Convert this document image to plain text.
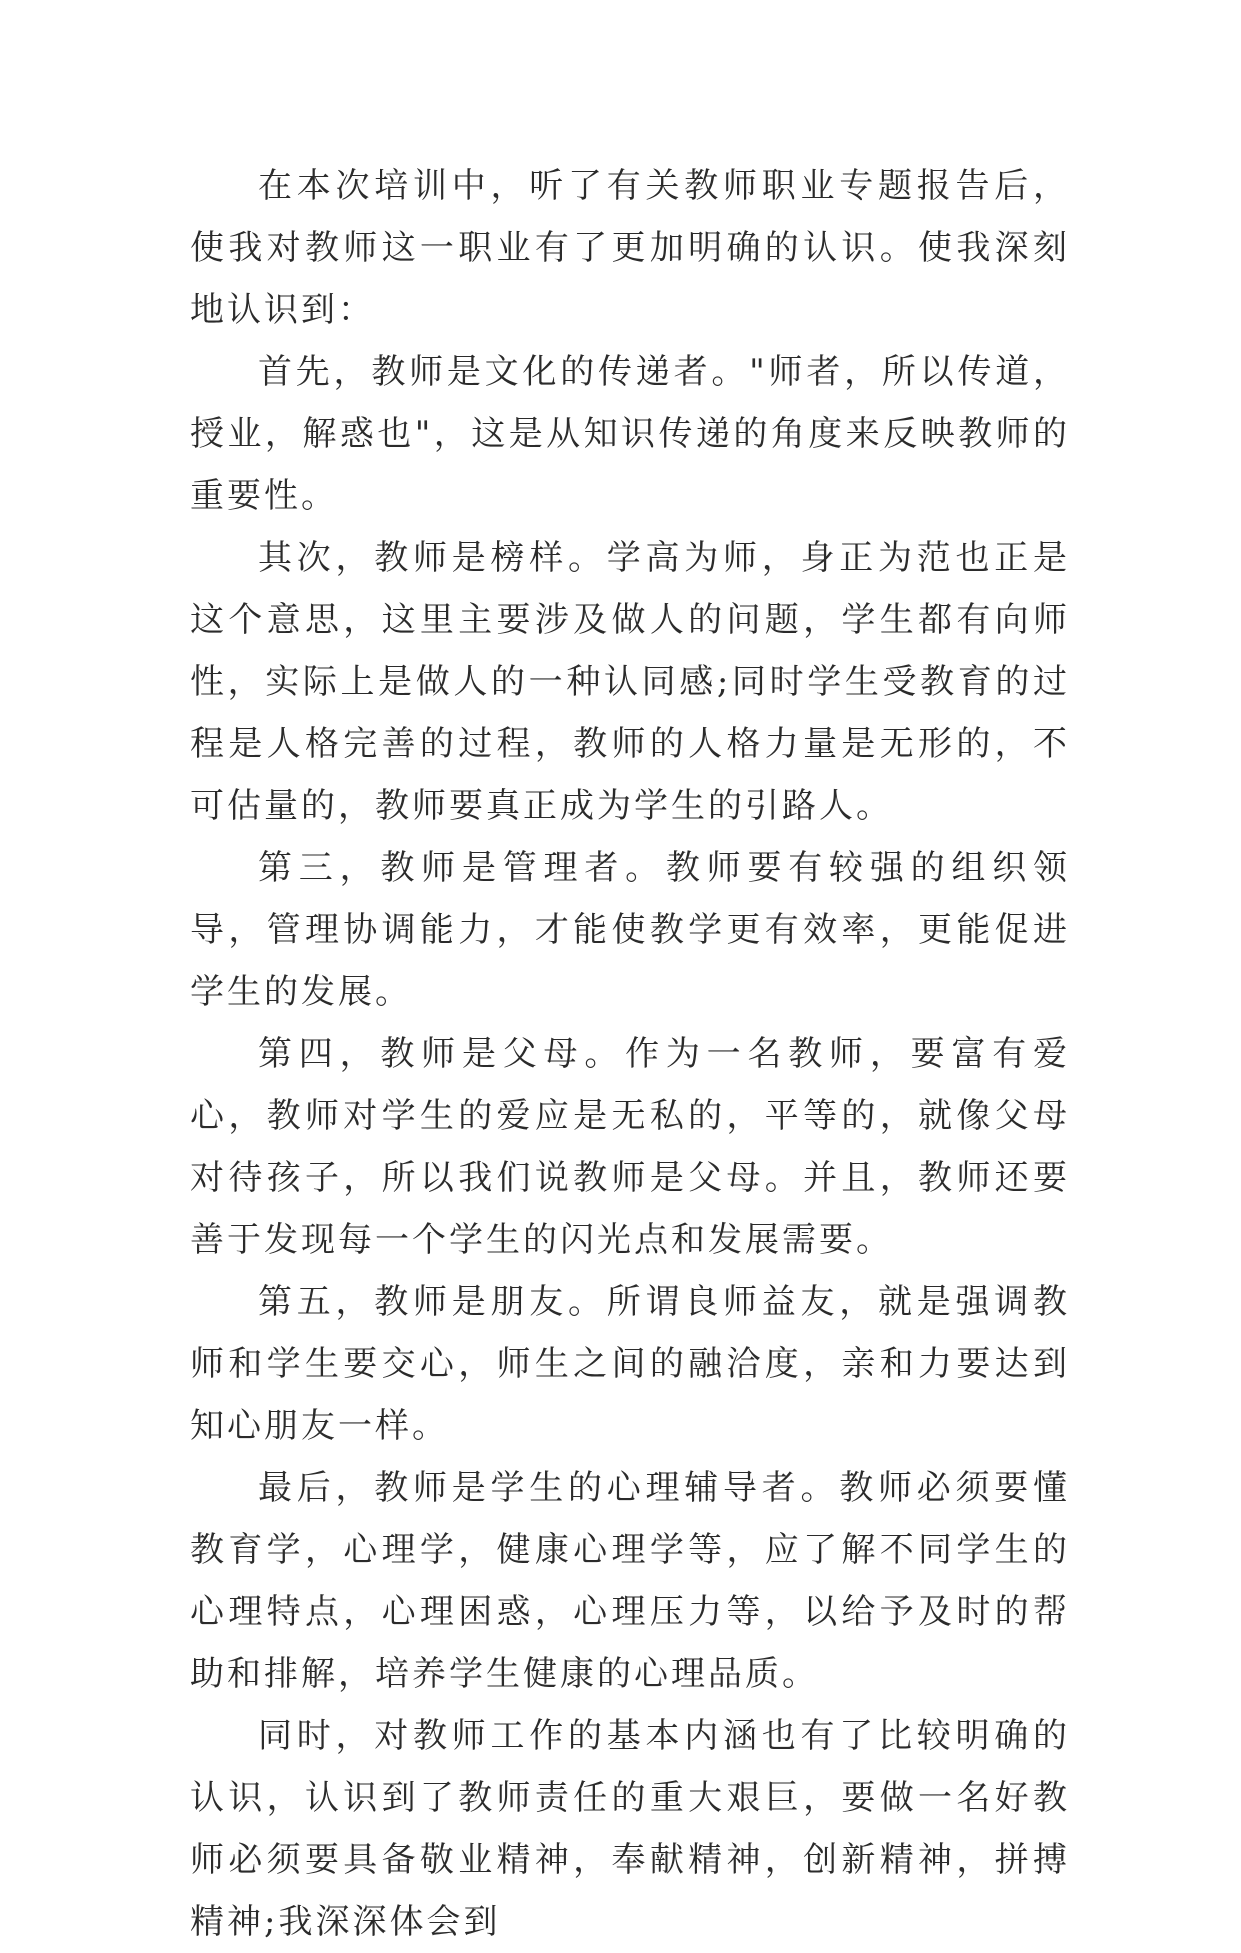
在本次培训中，听了有关教师职业专题报告后，使我对教师这一职业有了更加明确的认识。使我深刻地认识到：

首先，教师是文化的传递者。"师者，所以传道，授业，解惑也"，这是从知识传递的角度来反映教师的重要性。

其次，教师是榜样。学高为师，身正为范也正是这个意思，这里主要涉及做人的问题，学生都有向师性，实际上是做人的一种认同感;同时学生受教育的过程是人格完善的过程，教师的人格力量是无形的，不可估量的，教师要真正成为学生的引路人。

第三，教师是管理者。教师要有较强的组织领导，管理协调能力，才能使教学更有效率，更能促进学生的发展。

第四，教师是父母。作为一名教师，要富有爱心，教师对学生的爱应是无私的，平等的，就像父母对待孩子，所以我们说教师是父母。并且，教师还要善于发现每一个学生的闪光点和发展需要。

第五，教师是朋友。所谓良师益友，就是强调教师和学生要交心，师生之间的融洽度，亲和力要达到知心朋友一样。

最后，教师是学生的心理辅导者。教师必须要懂教育学，心理学，健康心理学等，应了解不同学生的心理特点，心理困惑，心理压力等，以给予及时的帮助和排解，培养学生健康的心理品质。

同时，对教师工作的基本内涵也有了比较明确的认识，认识到了教师责任的重大艰巨，要做一名好教师必须要具备敬业精神，奉献精神，创新精神，拼搏精神;我深深体会到
